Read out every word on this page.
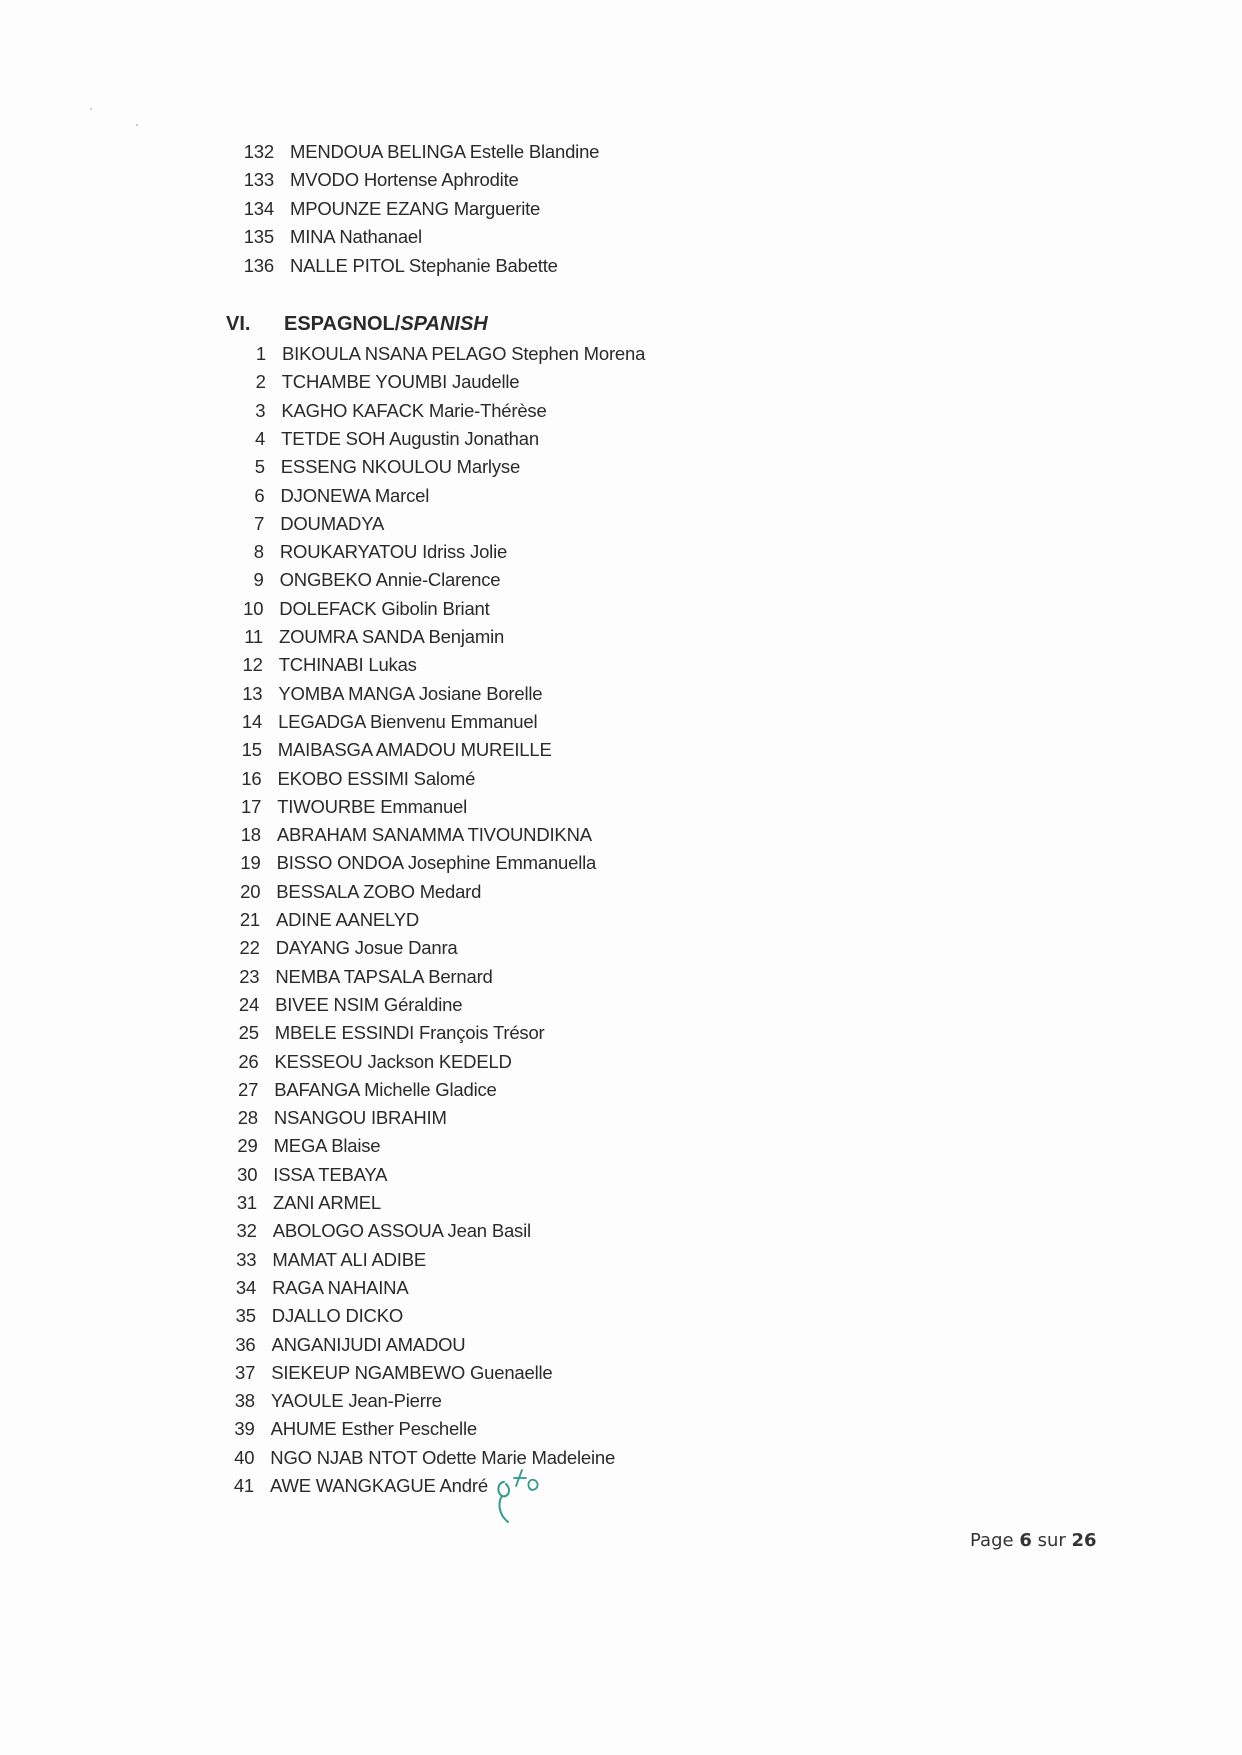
132 MENDOUA BELINGA Estelle Blandine
133 MVODO Hortense Aphrodite
134 MPOUNZE EZANG Marguerite
135 MINA Nathanael
136 NALLE PITOL Stephanie Babette
VI. ESPAGNOL/SPANISH
1 BIKOULA NSANA PELAGO Stephen Morena
2 TCHAMBE YOUMBI Jaudelle
3 KAGHO KAFACK Marie-Thérèse
4 TETDE SOH Augustin Jonathan
5 ESSENG NKOULOU Marlyse
6 DJONEWA Marcel
7 DOUMADYA
8 ROUKARYATOU Idriss Jolie
9 ONGBEKO Annie-Clarence
10 DOLEFACK Gibolin Briant
11 ZOUMRA SANDA Benjamin
12 TCHINABI Lukas
13 YOMBA MANGA Josiane Borelle
14 LEGADGA Bienvenu Emmanuel
15 MAIBASGA AMADOU MUREILLE
16 EKOBO ESSIMI Salomé
17 TIWOURBE Emmanuel
18 ABRAHAM SANAMMA TIVOUNDIKNA
19 BISSO ONDOA Josephine Emmanuella
20 BESSALA ZOBO Medard
21 ADINE AANELYD
22 DAYANG Josue Danra
23 NEMBA TAPSALA Bernard
24 BIVEE NSIM Géraldine
25 MBELE ESSINDI François Trésor
26 KESSEOU Jackson KEDELD
27 BAFANGA Michelle Gladice
28 NSANGOU IBRAHIM
29 MEGA Blaise
30 ISSA TEBAYA
31 ZANI ARMEL
32 ABOLOGO ASSOUA Jean Basil
33 MAMAT ALI ADIBE
34 RAGA NAHAINA
35 DJALLO DICKO
36 ANGANIJUDI AMADOU
37 SIEKEUP NGAMBEWO Guenaelle
38 YAOULE Jean-Pierre
39 AHUME Esther Peschelle
40 NGO NJAB NTOT Odette Marie Madeleine
41 AWE WANGKAGUE André
Page 6 sur 26
